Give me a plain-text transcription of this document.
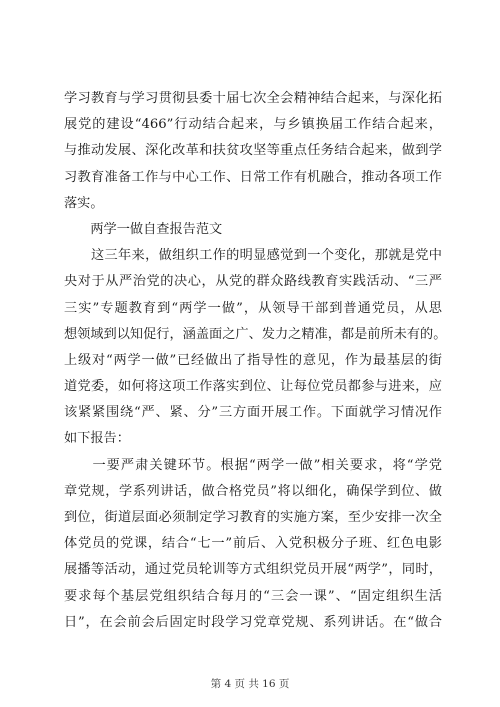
学习教育与学习贯彻县委十届七次全会精神结合起来，与深化拓
展党的建设“466”行动结合起来，与乡镇换届工作结合起来，
与推动发展、深化改革和扶贫攻坚等重点任务结合起来，做到学
习教育准备工作与中心工作、日常工作有机融合，推动各项工作
落实。
　　两学一做自查报告范文
　　这三年来，做组织工作的明显感觉到一个变化，那就是党中
央对于从严治党的决心，从党的群众路线教育实践活动、“三严
三实”专题教育到“两学一做”，从领导干部到普通党员，从思
想领域到以知促行，涵盖面之广、发力之精准，都是前所未有的。
上级对“两学一做”已经做出了指导性的意见，作为最基层的街
道党委，如何将这项工作落实到位、让每位党员都参与进来，应
该紧紧围绕“严、紧、分”三方面开展工作。下面就学习情况作
如下报告：
　　一要严肃关键环节。根据“两学一做”相关要求，将“学党
章党规，学系列讲话，做合格党员”将以细化，确保学到位、做
到位，街道层面必须制定学习教育的实施方案，至少安排一次全
体党员的党课，结合“七一”前后、入党积极分子班、红色电影
展播等活动，通过党员轮训等方式组织党员开展“两学”，同时，
要求每个基层党组织结合每月的“三会一课”、“固定组织生活
日”，在会前会后固定时段学习党章党规、系列讲话。在“做合
第 4 页 共 16 页
